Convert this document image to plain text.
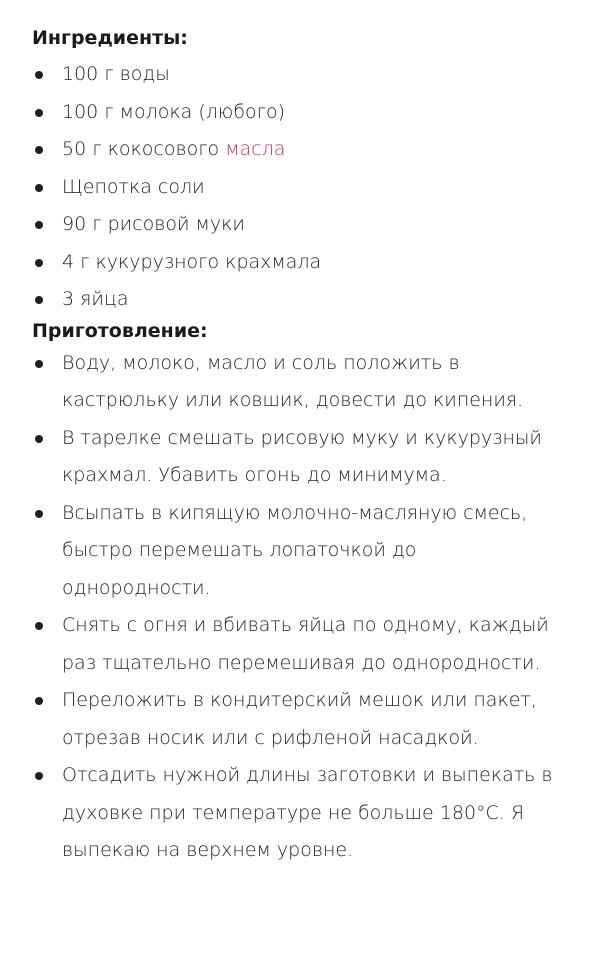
Ингредиенты:
100 г воды
100 г молока (любого)
50 г кокосового масла
Щепотка соли
90 г рисовой муки
4 г кукурузного крахмала
3 яйца
Приготовление:
Воду, молоко, масло и соль положить в кастрюльку или ковшик, довести до кипения.
В тарелке смешать рисовую муку и кукурузный крахмал. Убавить огонь до минимума.
Всыпать в кипящую молочно-масляную смесь, быстро перемешать лопаточкой до однородности.
Снять с огня и вбивать яйца по одному, каждый раз тщательно перемешивая до однородности.
Переложить в кондитерский мешок или пакет, отрезав носик или с рифленой насадкой.
Отсадить нужной длины заготовки и выпекать в духовке при температуре не больше 180°С. Я выпекаю на верхнем уровне.
